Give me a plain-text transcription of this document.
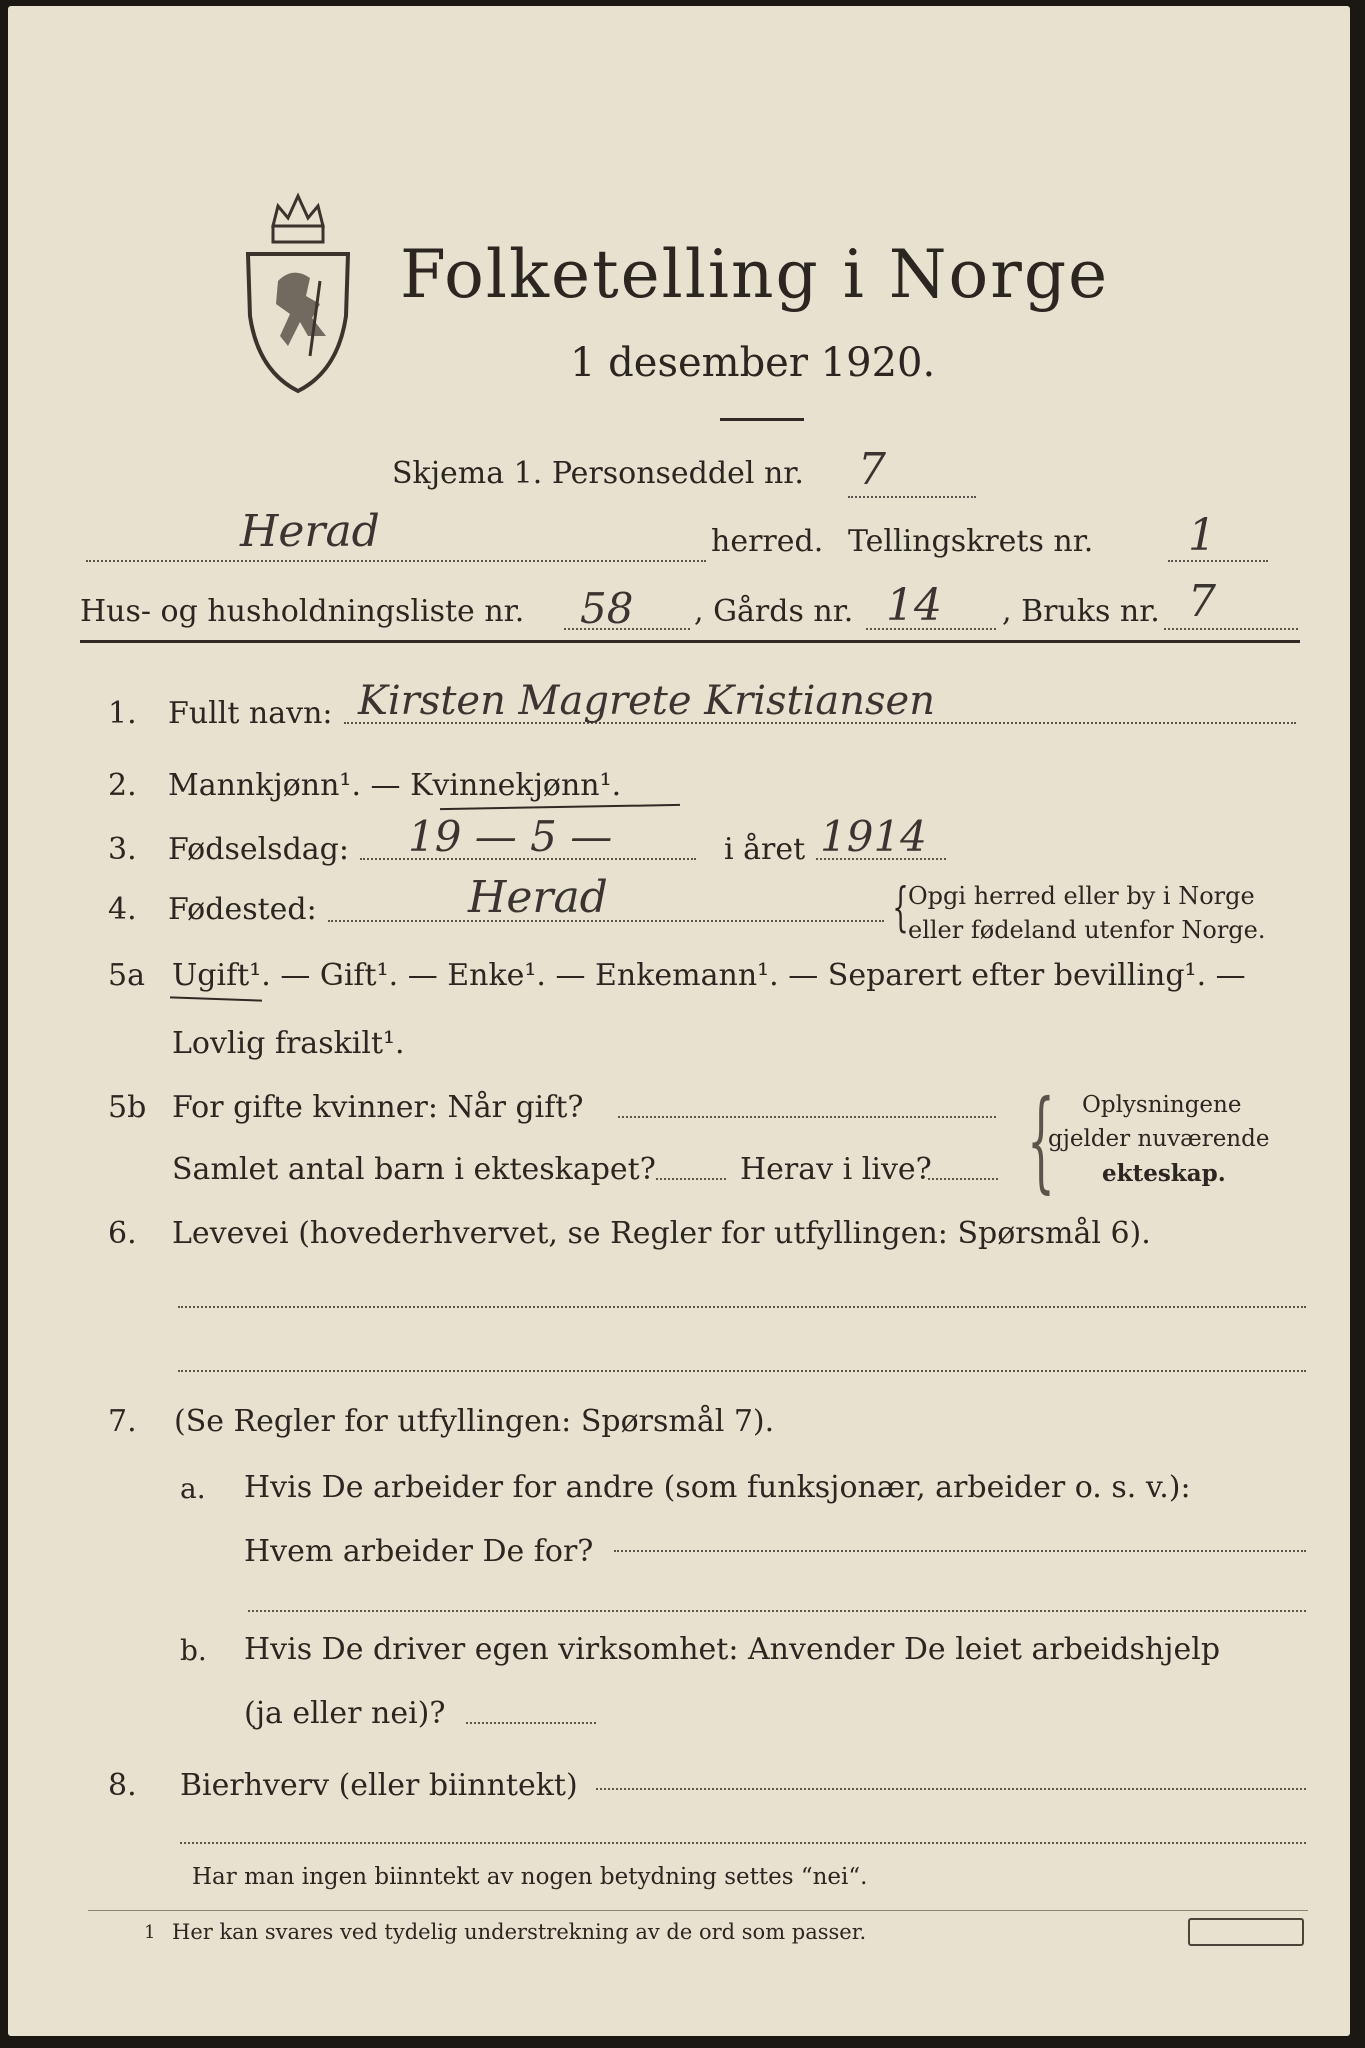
Folketelling i Norge
1 desember 1920.
Skjema 1. Personseddel nr. 7
Herad	herred. Tellingskrets nr. 1
Hus- og husholdningsliste nr. 58 , Gårds nr. 14 , Bruks nr. 7
1. Fullt navn: Kirsten Magrete Kristiansen
2. Mannkjønn¹. — Kvinnekjønn¹.
3. Fødselsdag: 19 — 5 —	i året 1914
4. Fødested:	Herad	{ Opgi herred eller by i Norge
eller fødeland utenfor Norge.
5a Ugift¹. — Gift¹. — Enke¹. — Enkemann¹. — Separert efter bevilling¹. —
Lovlig fraskilt¹.
5b For gifte kvinner: Når gift?
Samlet antal barn i ekteskapet?	Herav i live? { Oplysningene
gjelder nuværende
ekteskap.
6. Levevei (hovederhvervet, se Regler for utfyllingen: Spørsmål 6).
7. (Se Regler for utfyllingen: Spørsmål 7).
a. Hvis De arbeider for andre (som funksjonær, arbeider o. s. v.):
Hvem arbeider De for?
b. Hvis De driver egen virksomhet: Anvender De leiet arbeidshjelp
(ja eller nei)?
8. Bierhverv (eller biinntekt)
Har man ingen biinntekt av nogen betydning settes “nei“.
1 Her kan svares ved tydelig understrekning av de ord som passer.
